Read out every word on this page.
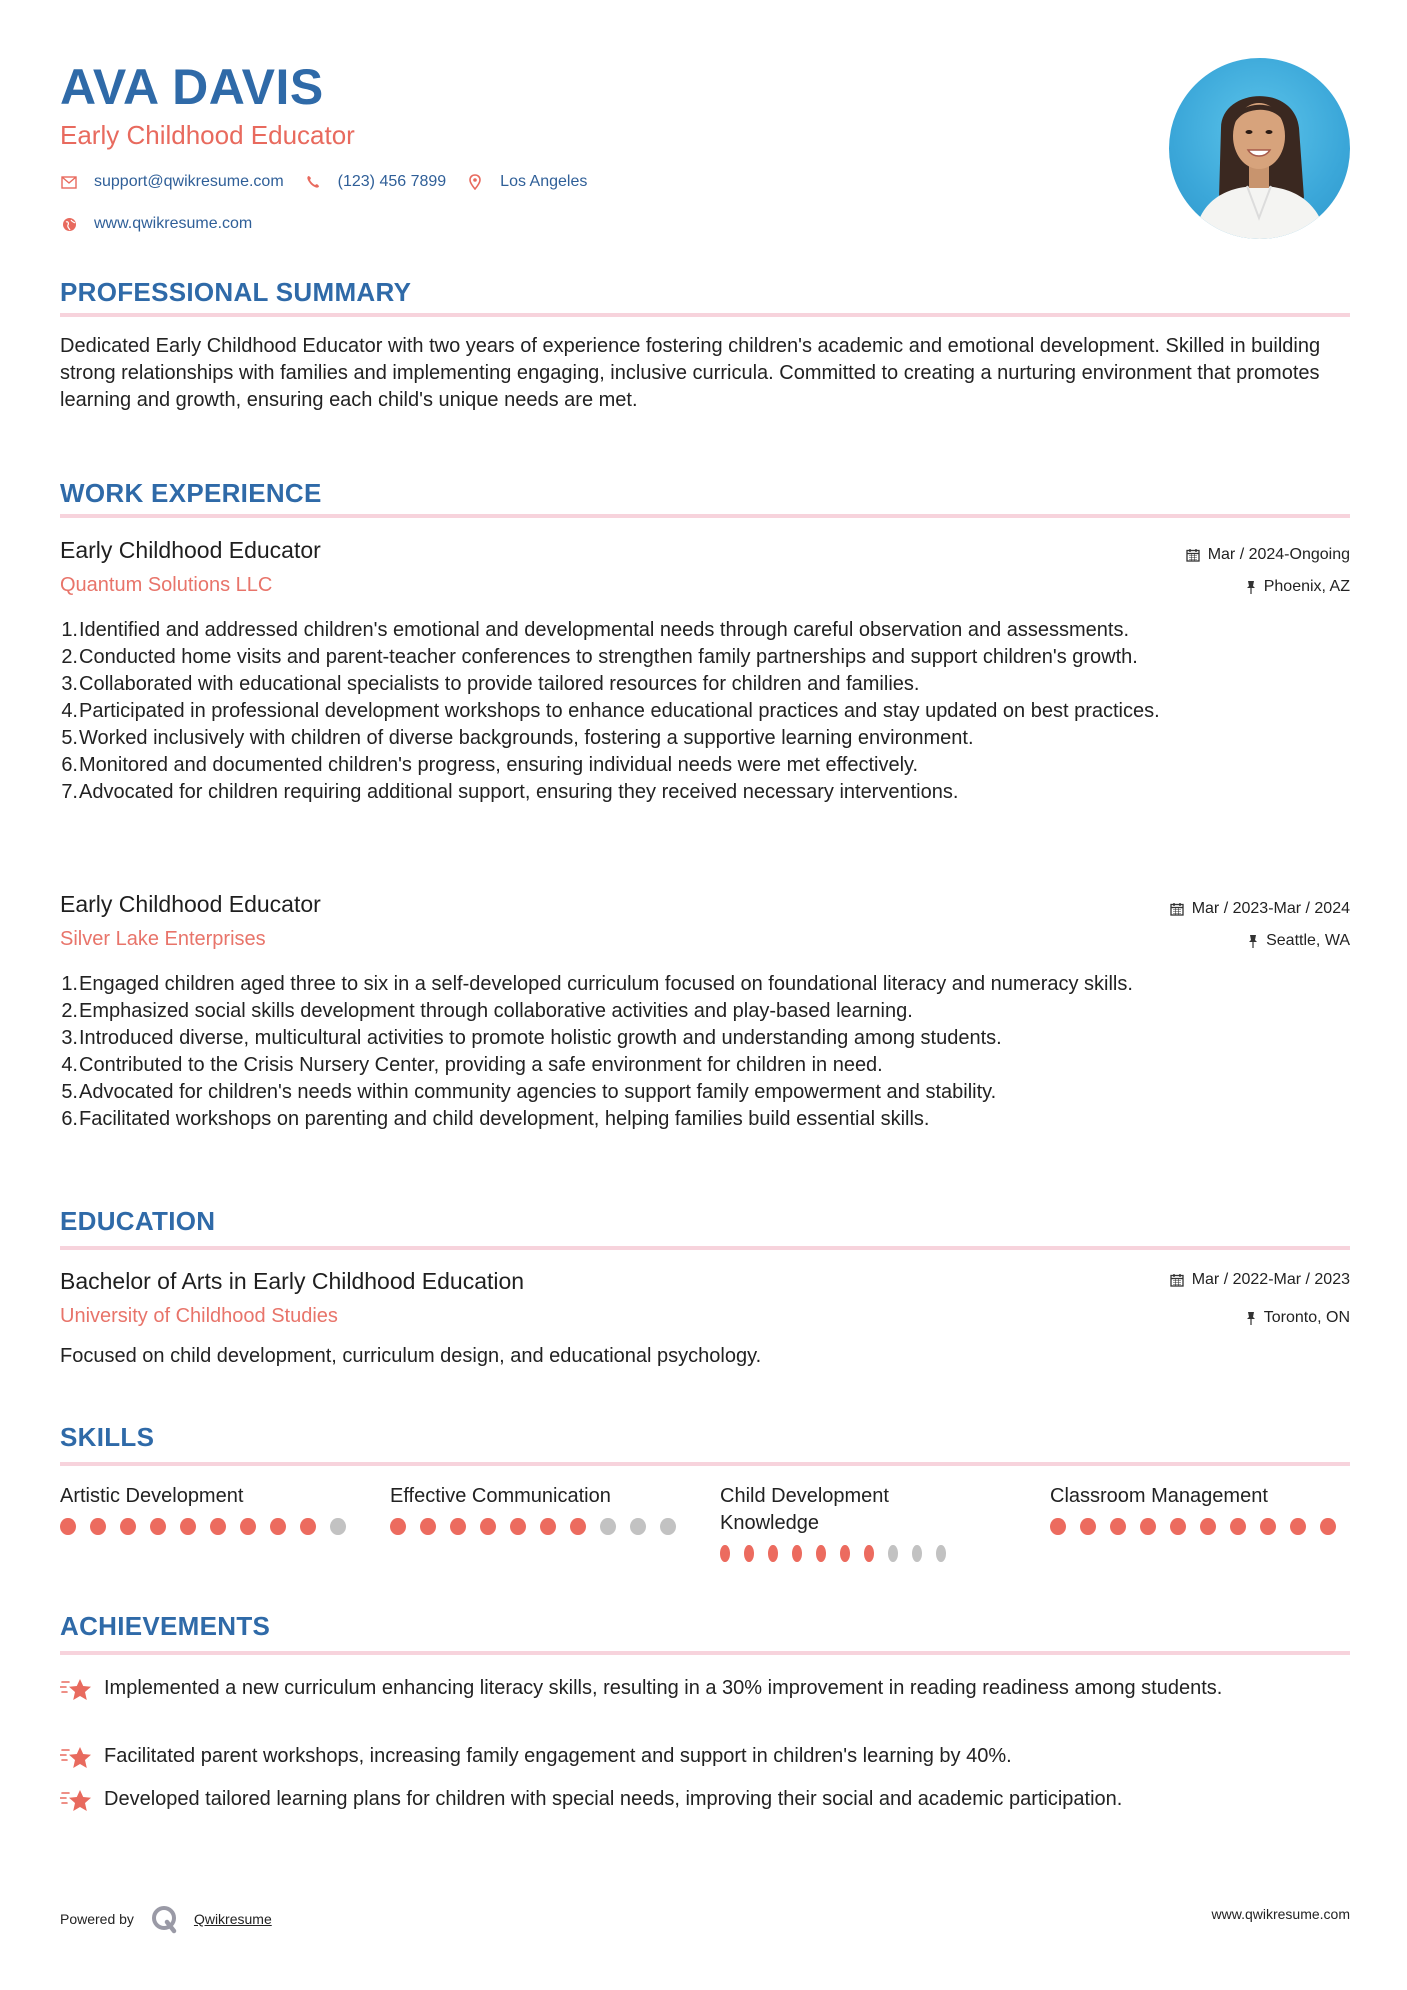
AVA DAVIS
Early Childhood Educator
support@qwikresume.com	(123) 456 7899	Los Angeles
www.qwikresume.com
PROFESSIONAL SUMMARY
Dedicated Early Childhood Educator with two years of experience fostering children's academic and emotional development. Skilled in building strong relationships with families and implementing engaging, inclusive curricula. Committed to creating a nurturing environment that promotes learning and growth, ensuring each child's unique needs are met.
WORK EXPERIENCE
Early Childhood Educator	Mar / 2024-Ongoing
Quantum Solutions LLC	Phoenix, AZ
1. Identified and addressed children's emotional and developmental needs through careful observation and assessments.
2. Conducted home visits and parent-teacher conferences to strengthen family partnerships and support children's growth.
3. Collaborated with educational specialists to provide tailored resources for children and families.
4. Participated in professional development workshops to enhance educational practices and stay updated on best practices.
5. Worked inclusively with children of diverse backgrounds, fostering a supportive learning environment.
6. Monitored and documented children's progress, ensuring individual needs were met effectively.
7. Advocated for children requiring additional support, ensuring they received necessary interventions.
Early Childhood Educator	Mar / 2023-Mar / 2024
Silver Lake Enterprises	Seattle, WA
1. Engaged children aged three to six in a self-developed curriculum focused on foundational literacy and numeracy skills.
2. Emphasized social skills development through collaborative activities and play-based learning.
3. Introduced diverse, multicultural activities to promote holistic growth and understanding among students.
4. Contributed to the Crisis Nursery Center, providing a safe environment for children in need.
5. Advocated for children's needs within community agencies to support family empowerment and stability.
6. Facilitated workshops on parenting and child development, helping families build essential skills.
EDUCATION
Bachelor of Arts in Early Childhood Education	Mar / 2022-Mar / 2023
University of Childhood Studies	Toronto, ON
Focused on child development, curriculum design, and educational psychology.
SKILLS
Artistic Development	Effective Communication	Child Development Knowledge
Classroom Management
ACHIEVEMENTS
Implemented a new curriculum enhancing literacy skills, resulting in a 30% improvement in reading readiness among students.
Facilitated parent workshops, increasing family engagement and support in children's learning by 40%.
Developed tailored learning plans for children with special needs, improving their social and academic participation.
Powered by	Qwikresume	www.qwikresume.com
